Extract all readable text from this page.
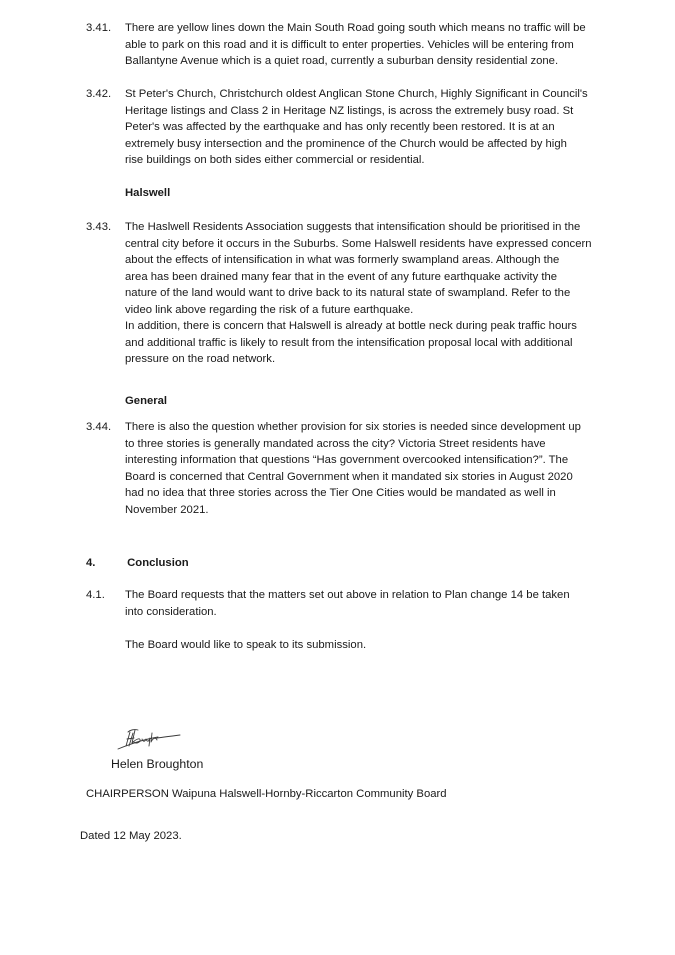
3.41.	There are yellow lines down the Main South Road going south which means no traffic will be
able to park on this road and it is difficult to enter properties. Vehicles will be entering from
Ballantyne Avenue which is a quiet road, currently a suburban density residential zone.
3.42.	St Peter's Church, Christchurch oldest Anglican Stone Church, Highly Significant in Council's
Heritage listings and Class 2 in Heritage NZ listings, is across the extremely busy road. St
Peter's was affected by the earthquake and has only recently been restored. It is at an
extremely busy intersection and the prominence of the Church would be affected by high
rise buildings on both sides either commercial or residential.
Halswell
3.43.	The Haslwell Residents Association suggests that intensification should be prioritised in the
central city before it occurs in the Suburbs. Some Halswell residents have expressed concern
about the effects of intensification in what was formerly swampland areas. Although the
area has been drained many fear that in the event of any future earthquake activity the
nature of the land would want to drive back to its natural state of swampland. Refer to the
video link above regarding the risk of a future earthquake.
In addition, there is concern that Halswell is already at bottle neck during peak traffic hours
and additional traffic is likely to result from the intensification proposal local with additional
pressure on the road network.
General
3.44.	There is also the question whether provision for six stories is needed since development up
to three stories is generally mandated across the city? Victoria Street residents have
interesting information that questions “Has government overcooked intensification?”. The
Board is concerned that Central Government when it mandated six stories in August 2020
had no idea that three stories across the Tier One Cities would be mandated as well in
November 2021.
4.	Conclusion
4.1.	The Board requests that the matters set out above in relation to Plan change 14 be taken
into consideration.
The Board would like to speak to its submission.
Helen Broughton
CHAIRPERSON Waipuna Halswell-Hornby-Riccarton Community Board
Dated 12 May 2023.
